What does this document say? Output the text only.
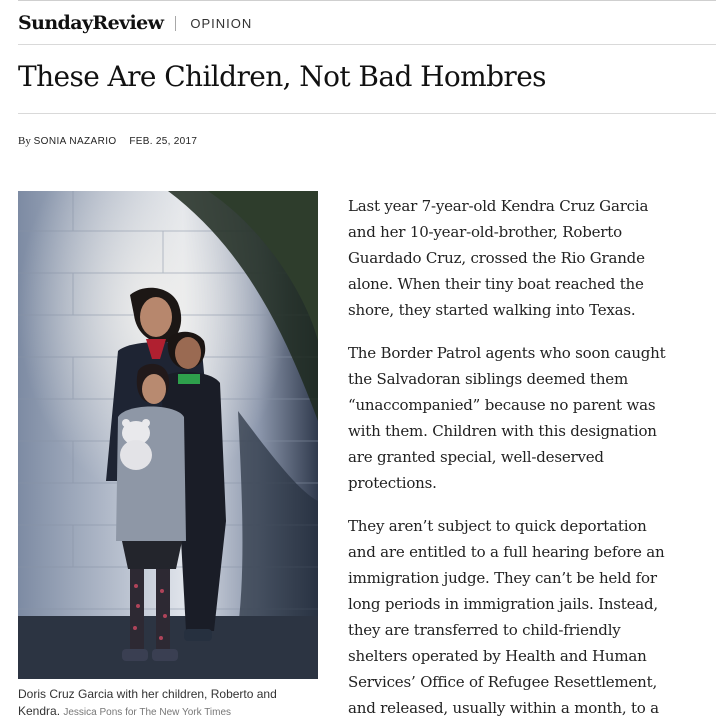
SundayReview OPINION
These Are Children, Not Bad Hombres
By SONIA NAZARIO FEB. 25, 2017
Doris Cruz Garcia with her children, Roberto and Kendra. Jessica Pons for The New York Times

Last year 7-year-old Kendra Cruz Garcia and her 10-year-old-brother, Roberto Guardado Cruz, crossed the Rio Grande alone. When their tiny boat reached the shore, they started walking into Texas.

The Border Patrol agents who soon caught the Salvadoran siblings deemed them “unaccompanied” because no parent was with them. Children with this designation are granted special, well-deserved protections.

They aren’t subject to quick deportation and are entitled to a full hearing before an immigration judge. They can’t be held for long periods in immigration jails. Instead, they are transferred to child-friendly shelters operated by Health and Human Services’ Office of Refugee Resettlement, and released, usually within a month, to a
